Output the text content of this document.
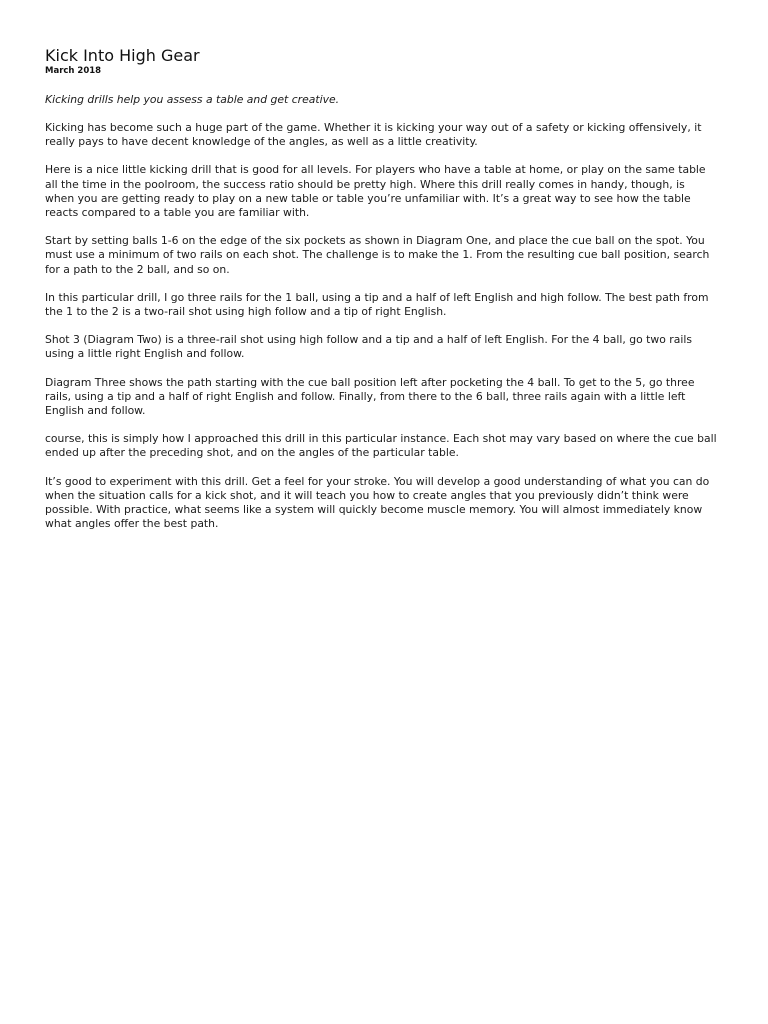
Kick Into High Gear
March 2018

Kicking drills help you assess a table and get creative.

Kicking has become such a huge part of the game. Whether it is kicking your way out of a safety or kicking offensively, it really pays to have decent knowledge of the angles, as well as a little creativity.

Here is a nice little kicking drill that is good for all levels. For players who have a table at home, or play on the same table all the time in the poolroom, the success ratio should be pretty high. Where this drill really comes in handy, though, is when you are getting ready to play on a new table or table you’re unfamiliar with. It’s a great way to see how the table reacts compared to a table you are familiar with.

Start by setting balls 1-6 on the edge of the six pockets as shown in Diagram One, and place the cue ball on the spot. You must use a minimum of two rails on each shot. The challenge is to make the 1. From the resulting cue ball position, search for a path to the 2 ball, and so on.

In this particular drill, I go three rails for the 1 ball, using a tip and a half of left English and high follow. The best path from the 1 to the 2 is a two-rail shot using high follow and a tip of right English.

Shot 3 (Diagram Two) is a three-rail shot using high follow and a tip and a half of left English. For the 4 ball, go two rails using a little right English and follow.

Diagram Three shows the path starting with the cue ball position left after pocketing the 4 ball. To get to the 5, go three rails, using a tip and a half of right English and follow. Finally, from there to the 6 ball, three rails again with a little left English and follow.

course, this is simply how I approached this drill in this particular instance. Each shot may vary based on where the cue ball ended up after the preceding shot, and on the angles of the particular table.

It’s good to experiment with this drill. Get a feel for your stroke. You will develop a good understanding of what you can do when the situation calls for a kick shot, and it will teach you how to create angles that you previously didn’t think were possible. With practice, what seems like a system will quickly become muscle memory. You will almost immediately know what angles offer the best path.
